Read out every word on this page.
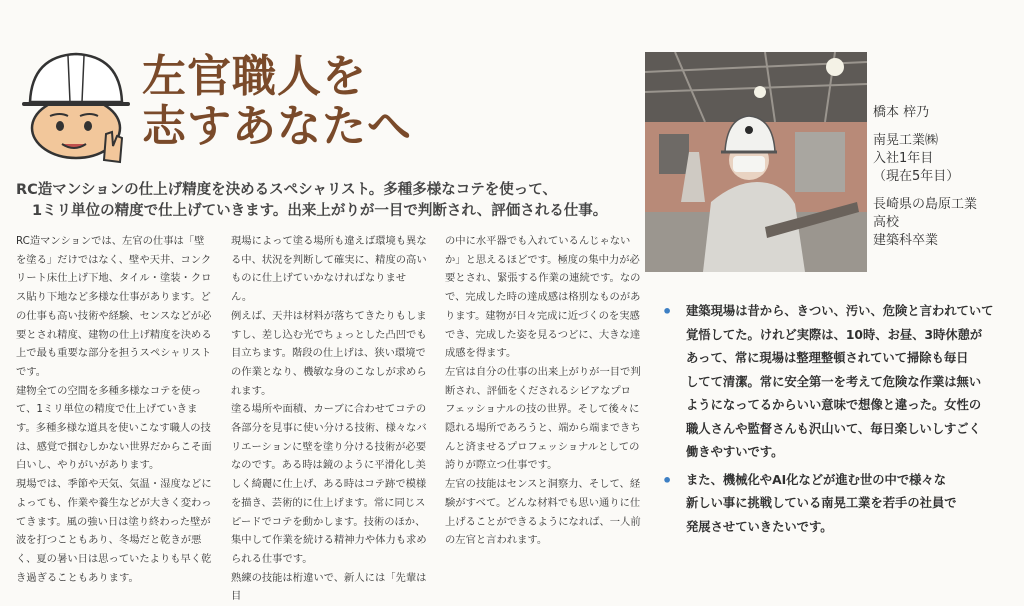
左官職人を
志すあなたへ

RC造マンションの仕上げ精度を決めるスペシャリスト。多種多様なコテを使って、
1ミリ単位の精度で仕上げていきます。出来上がりが一目で判断され、評価される仕事。

RC造マンションでは、左官の仕事は「壁を塗る」だけではなく、壁や天井、コンクリート床仕上げ下地、タイル・塗装・クロス貼り下地など多様な仕事があります。どの仕事も高い技術や経験、センスなどが必要とされ精度、建物の仕上げ精度を決める上で最も重要な部分を担うスペシャリストです。
建物全ての空間を多種多様なコテを使って、1ミリ単位の精度で仕上げていきます。多種多様な道具を使いこなす職人の技は、感覚で掴むしかない世界だからこそ面白いし、やりがいがあります。
現場では、季節や天気、気温・湿度などによっても、作業や養生などが大きく変わってきます。風の強い日は塗り終わった壁が波を打つこともあり、冬場だと乾きが悪く、夏の暑い日は思っていたよりも早く乾き過ぎることもあります。

現場によって塗る場所も違えば環境も異なる中、状況を判断して確実に、精度の高いものに仕上げていかなければなりません。
例えば、天井は材料が落ちてきたりもしますし、差し込む光でちょっとした凸凹でも目立ちます。階段の仕上げは、狭い環境での作業となり、機敏な身のこなしが求められます。
塗る場所や面積、カーブに合わせてコテの各部分を見事に使い分ける技術、様々なバリエーションに壁を塗り分ける技術が必要なのです。ある時は鏡のように平滑化し美しく綺麗に仕上げ、ある時はコテ跡で模様を描き、芸術的に仕上げます。常に同じスピードでコテを動かします。技術のほか、集中して作業を続ける精神力や体力も求められる仕事です。
熟練の技能は桁違いで、新人には「先輩は目

の中に水平器でも入れているんじゃないか」と思えるほどです。極度の集中力が必要とされ、緊張する作業の連続です。なので、完成した時の達成感は格別なものがあります。建物が日々完成に近づくのを実感でき、完成した姿を見るつどに、大きな達成感を得ます。
左官は自分の仕事の出来上がりが一目で判断され、評価をくだされるシビアなプロフェッショナルの技の世界。そして後々に隠れる場所であろうと、端から端まできちんと済ませるプロフェッショナルとしての誇りが際立つ仕事です。
左官の技能はセンスと洞察力、そして、経験がすべて。どんな材料でも思い通りに仕上げることができるようになれば、一人前の左官と言われます。

橋本 梓乃
南晃工業㈱
入社1年目
（現在5年目）
長崎県の島原工業
高校
建築科卒業
• 建築現場は昔から、きつい、汚い、危険と言われていて
覚悟してた。けれど実際は、10時、お昼、3時休憩が
あって、常に現場は整理整頓されていて掃除も毎日
してて清潔。常に安全第一を考えて危険な作業は無い
ようになってるからいい意味で想像と違った。女性の
職人さんや監督さんも沢山いて、毎日楽しいしすごく
働きやすいです。
• また、機械化やAI化などが進む世の中で様々な
新しい事に挑戦している南晃工業を若手の社員で
発展させていきたいです。
